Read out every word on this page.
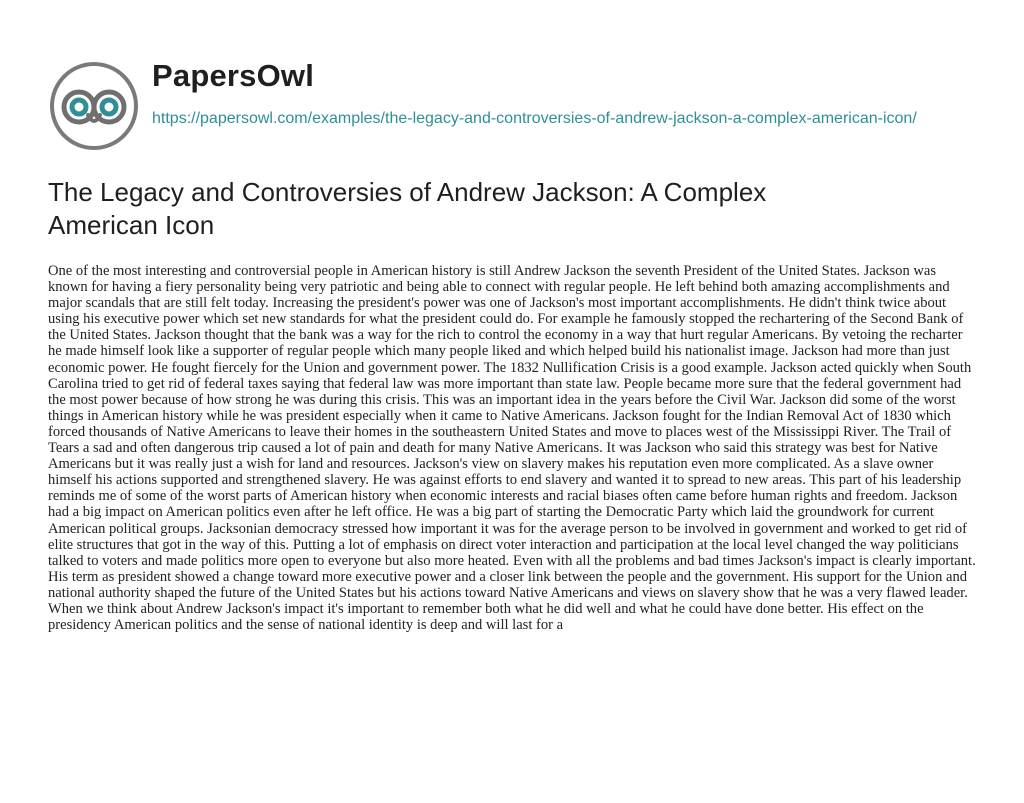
PapersOwl
https://papersowl.com/examples/the-legacy-and-controversies-of-andrew-jackson-a-complex-american-icon/
The Legacy and Controversies of Andrew Jackson: A Complex American Icon

One of the most interesting and controversial people in American history is still Andrew Jackson the seventh President of the United States. Jackson was known for having a fiery personality being very patriotic and being able to connect with regular people. He left behind both amazing accomplishments and major scandals that are still felt today. Increasing the president's power was one of Jackson's most important accomplishments. He didn't think twice about using his executive power which set new standards for what the president could do. For example he famously stopped the rechartering of the Second Bank of the United States. Jackson thought that the bank was a way for the rich to control the economy in a way that hurt regular Americans. By vetoing the recharter he made himself look like a supporter of regular people which many people liked and which helped build his nationalist image. Jackson had more than just economic power. He fought fiercely for the Union and government power. The 1832 Nullification Crisis is a good example. Jackson acted quickly when South Carolina tried to get rid of federal taxes saying that federal law was more important than state law. People became more sure that the federal government had the most power because of how strong he was during this crisis. This was an important idea in the years before the Civil War. Jackson did some of the worst things in American history while he was president especially when it came to Native Americans. Jackson fought for the Indian Removal Act of 1830 which forced thousands of Native Americans to leave their homes in the southeastern United States and move to places west of the Mississippi River. The Trail of Tears a sad and often dangerous trip caused a lot of pain and death for many Native Americans. It was Jackson who said this strategy was best for Native Americans but it was really just a wish for land and resources. Jackson's view on slavery makes his reputation even more complicated. As a slave owner himself his actions supported and strengthened slavery. He was against efforts to end slavery and wanted it to spread to new areas. This part of his leadership reminds me of some of the worst parts of American history when economic interests and racial biases often came before human rights and freedom. Jackson had a big impact on American politics even after he left office. He was a big part of starting the Democratic Party which laid the groundwork for current American political groups. Jacksonian democracy stressed how important it was for the average person to be involved in government and worked to get rid of elite structures that got in the way of this. Putting a lot of emphasis on direct voter interaction and participation at the local level changed the way politicians talked to voters and made politics more open to everyone but also more heated. Even with all the problems and bad times Jackson's impact is clearly important. His term as president showed a change toward more executive power and a closer link between the people and the government. His support for the Union and national authority shaped the future of the United States but his actions toward Native Americans and views on slavery show that he was a very flawed leader. When we think about Andrew Jackson's impact it's important to remember both what he did well and what he could have done better. His effect on the presidency American politics and the sense of national identity is deep and will last for a
